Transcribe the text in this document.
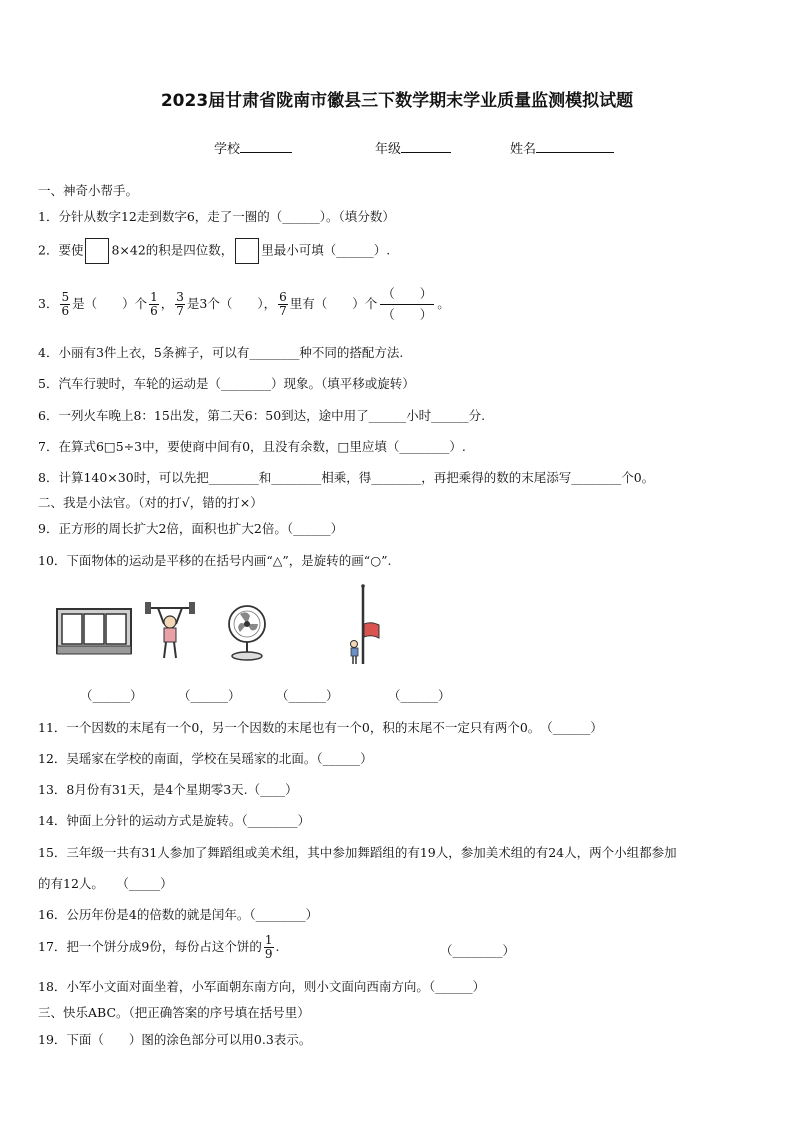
2023届甘肃省陇南市徽县三下数学期末学业质量监测模拟试题
学校	年级	姓名
一、神奇小帮手。
1．分针从数字12走到数字6，走了一圈的（______）。（填分数）
2．要使 8×42的积是四位数， 里最小可填（______）.
3． $\frac{5}{6}$ 是（　　）个 $\frac{1}{6}$ ， $\frac{3}{7}$ 是3个（　　）， $\frac{6}{7}$ 里有（　　）个
（　　）
（　　）
。
4．小丽有3件上衣，5条裤子，可以有________种不同的搭配方法.
5．汽车行驶时，车轮的运动是（________）现象。（填平移或旋转）
6．一列火车晚上8：15出发，第二天6：50到达，途中用了______小时______分.
7．在算式6□5÷3中，要使商中间有0，且没有余数，□里应填（________）.
8．计算140×30时，可以先把________和________相乘，得________，再把乘得的数的末尾添写________个0。
二、我是小法官。（对的打√，错的打×）
9．正方形的周长扩大2倍，面积也扩大2倍。（______）
10．下面物体的运动是平移的在括号内画“△”，是旋转的画“○”.
（______）	（______）	（______）	（______）
11．一个因数的末尾有一个0，另一个因数的末尾也有一个0，积的末尾不一定只有两个0。　（______）
12．吴瑶家在学校的南面，学校在吴瑶家的北面。（______）
13．8月份有31天，是4个星期零3天.（____）
14．钟面上分针的运动方式是旋转。（________）
15．三年级一共有31人参加了舞蹈组或美术组，其中参加舞蹈组的有19人，参加美术组的有24人，两个小组都参加
的有12人。　　（_____）
16．公历年份是4的倍数的就是闰年。（________）
17．把一个饼分成9份，每份占这个饼的 $\frac{1}{9}$ .	（________）
18．小军小文面对面坐着，小军面朝东南方向，则小文面向西南方向。（______）
三、快乐ABC。（把正确答案的序号填在括号里）
19．下面（　　）图的涂色部分可以用0.3表示。
